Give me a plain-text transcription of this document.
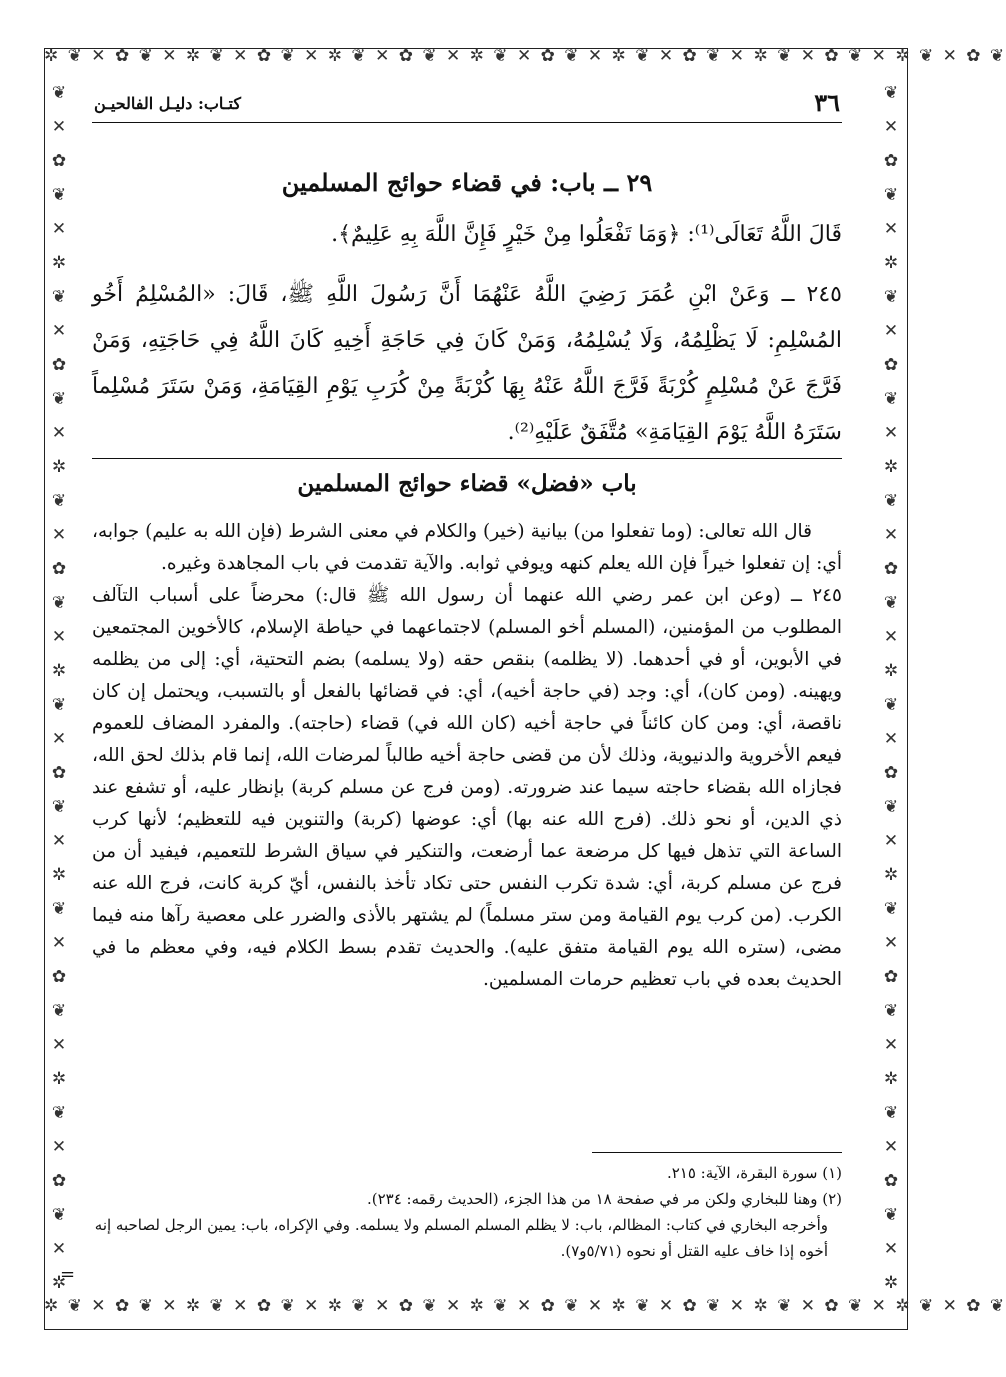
✲ ❦ ✕ ✿ ❦ ✕ ✲ ❦ ✕ ✿ ❦ ✕ ✲ ❦ ✕ ✿ ❦ ✕ ✲ ❦ ✕ ✿ ❦ ✕ ✲ ❦ ✕ ✿ ❦ ✕ ✲ ❦ ✕ ✿ ❦ ✕ ✲ ❦ ✕ ✿ ❦
✲ ❦ ✕ ✿ ❦ ✕ ✲ ❦ ✕ ✿ ❦ ✕ ✲ ❦ ✕ ✿ ❦ ✕ ✲ ❦ ✕ ✿ ❦ ✕ ✲ ❦ ✕ ✿ ❦ ✕ ✲ ❦ ✕ ✿ ❦ ✕ ✲ ❦ ✕ ✿ ❦
❦
✕
✿
❦
✕
✲
❦
✕
✿
❦
✕
✲
❦
✕
✿
❦
✕
✲
❦
✕
✿
❦
✕
✲
❦
✕
✿
❦
✕
✲
❦
✕
✿
❦
✕
✲
❦
✕
✿
❦
✕
✲
❦
✕
✿
❦
✕
✲
❦
✕
✿
❦
✕
✲
❦
✕
✿
❦
✕
✲
❦
✕
✿
❦
✕
✲
❦
✕
✿
❦
✕
✲
٣٦
كتـاب: دليـل الفالحيـن
٢٩ ــ باب: في قضاء حوائج المسلمين
قَالَ اللَّهُ تَعَالَى⁽¹⁾: ﴿وَمَا تَفْعَلُوا مِنْ خَيْرٍ فَإِنَّ اللَّهَ بِهِ عَلِيمٌ﴾.
٢٤٥ ــ وَعَنْ ابْنِ عُمَرَ رَضِيَ اللَّهُ عَنْهُمَا أَنَّ رَسُولَ اللَّهِ ﷺ، قَالَ: «المُسْلِمُ أَخُو المُسْلِمِ: لَا يَظْلِمُهُ، وَلَا يُسْلِمُهُ، وَمَنْ كَانَ فِي حَاجَةِ أَخِيهِ كَانَ اللَّهُ فِي حَاجَتِهِ، وَمَنْ فَرَّجَ عَنْ مُسْلِمٍ كُرْبَةً فَرَّجَ اللَّهُ عَنْهُ بِهَا كُرْبَةً مِنْ كُرَبِ يَوْمِ القِيَامَةِ، وَمَنْ سَتَرَ مُسْلِماً سَتَرَهُ اللَّهُ يَوْمَ القِيَامَةِ» مُتَّفَقٌ عَلَيْهِ⁽²⁾.
باب «فضل» قضاء حوائج المسلمين

قال الله تعالى: (وما تفعلوا من) بيانية (خير) والكلام في معنى الشرط (فإن الله به عليم) جوابه، أي: إن تفعلوا خيراً فإن الله يعلم كنهه ويوفي ثوابه. والآية تقدمت في باب المجاهدة وغيره.

٢٤٥ ــ (وعن ابن عمر رضي الله عنهما أن رسول الله ﷺ قال:) محرضاً على أسباب التآلف المطلوب من المؤمنين، (المسلم أخو المسلم) لاجتماعهما في حياطة الإسلام، كالأخوين المجتمعين في الأبوين، أو في أحدهما. (لا يظلمه) بنقص حقه (ولا يسلمه) بضم التحتية، أي: إلى من يظلمه ويهينه. (ومن كان)، أي: وجد (في حاجة أخيه)، أي: في قضائها بالفعل أو بالتسبب، ويحتمل إن كان ناقصة، أي: ومن كان كائناً في حاجة أخيه (كان الله في) قضاء (حاجته). والمفرد المضاف للعموم فيعم الأخروية والدنيوية، وذلك لأن من قضى حاجة أخيه طالباً لمرضات الله، إنما قام بذلك لحق الله، فجازاه الله بقضاء حاجته سيما عند ضرورته. (ومن فرج عن مسلم كربة) بإنظار عليه، أو تشفع عند ذي الدين، أو نحو ذلك. (فرج الله عنه بها) أي: عوضها (كربة) والتنوين فيه للتعظيم؛ لأنها كرب الساعة التي تذهل فيها كل مرضعة عما أرضعت، والتنكير في سياق الشرط للتعميم، فيفيد أن من فرج عن مسلم كربة، أي: شدة تكرب النفس حتى تكاد تأخذ بالنفس، أيّ كربة كانت، فرج الله عنه الكرب. (من كرب يوم القيامة ومن ستر مسلماً) لم يشتهر بالأذى والضرر على معصية رآها منه فيما مضى، (ستره الله يوم القيامة متفق عليه). والحديث تقدم بسط الكلام فيه، وفي معظم ما في الحديث بعده في باب تعظيم حرمات المسلمين.

(١) سورة البقرة، الآية: ٢١٥.
(٢) وهنا للبخاري ولكن مر في صفحة ١٨ من هذا الجزء، (الحديث رقمه: ٢٣٤).
وأخرجه البخاري في كتاب: المظالم، باب: لا يظلم المسلم المسلم ولا يسلمه. وفي الإكراه، باب: يمين الرجل لصاحبه إنه أخوه إذا خاف عليه القتل أو نحوه (٥/٧١و٧).
=
